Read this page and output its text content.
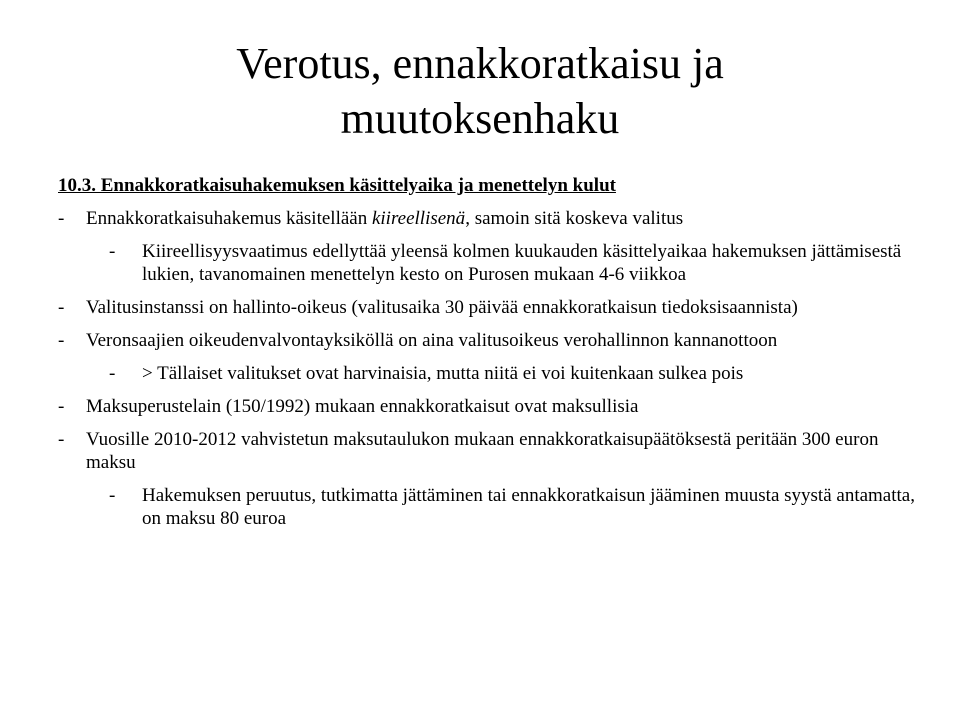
Verotus, ennakkoratkaisu ja
muutoksenhaku
10.3. Ennakkoratkaisuhakemuksen käsittelyaika ja menettelyn kulut
- Ennakkoratkaisuhakemus käsitellään kiireellisenä, samoin sitä koskeva valitus
- Kiireellisyysvaatimus edellyttää yleensä kolmen kuukauden käsittelyaikaa hakemuksen jättämisestä lukien, tavanomainen menettelyn kesto on Purosen mukaan 4-6 viikkoa
- Valitusinstanssi on hallinto-oikeus (valitusaika 30 päivää ennakkoratkaisun tiedoksisaannista)
- Veronsaajien oikeudenvalvontayksiköllä on aina valitusoikeus verohallinnon kannanottoon
- > Tällaiset valitukset ovat harvinaisia, mutta niitä ei voi kuitenkaan sulkea pois
- Maksuperustelain (150/1992) mukaan ennakkoratkaisut ovat maksullisia
- Vuosille 2010-2012 vahvistetun maksutaulukon mukaan ennakkoratkaisupäätöksestä peritään 300 euron maksu
- Hakemuksen peruutus, tutkimatta jättäminen tai ennakkoratkaisun jääminen muusta syystä antamatta, on maksu 80 euroa
